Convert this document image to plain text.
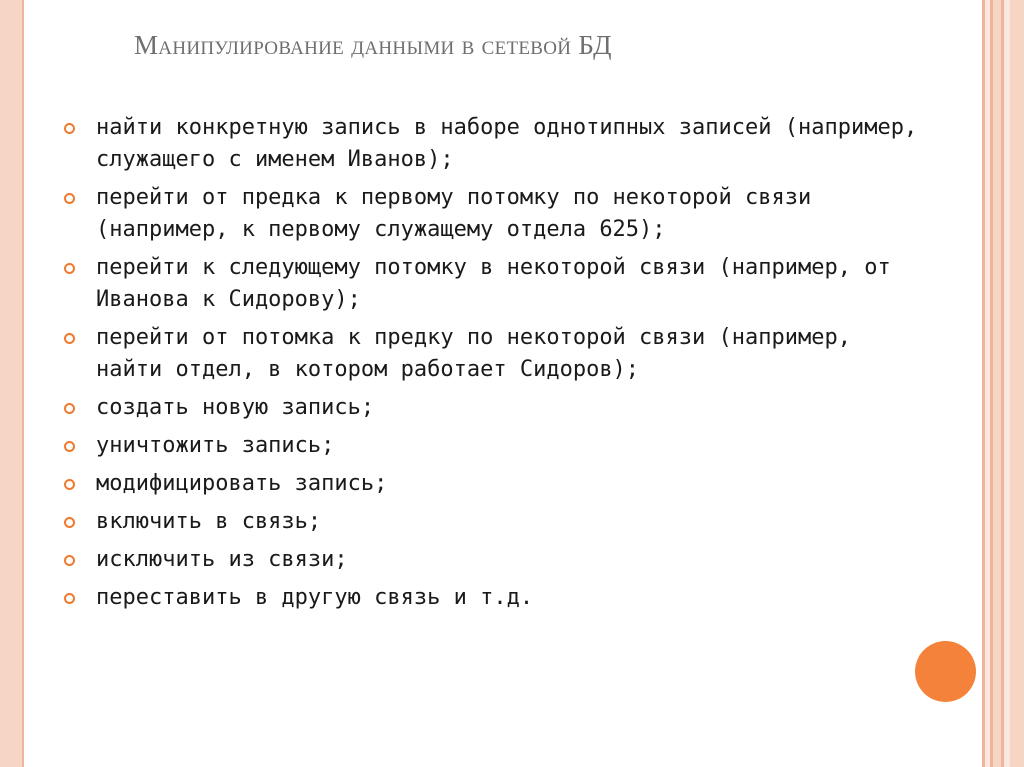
Манипулирование данными в сетевой БД
найти конкретную запись в наборе однотипных записей (например, служащего с именем Иванов);
перейти от предка к первому потомку по некоторой связи (например, к первому служащему отдела 625);
перейти к следующему потомку в некоторой связи (например, от Иванова к Сидорову);
перейти от потомка к предку по некоторой связи (например, найти отдел, в котором работает Сидоров);
создать новую запись;
уничтожить запись;
модифицировать запись;
включить в связь;
исключить из связи;
переставить в другую связь и т.д.
